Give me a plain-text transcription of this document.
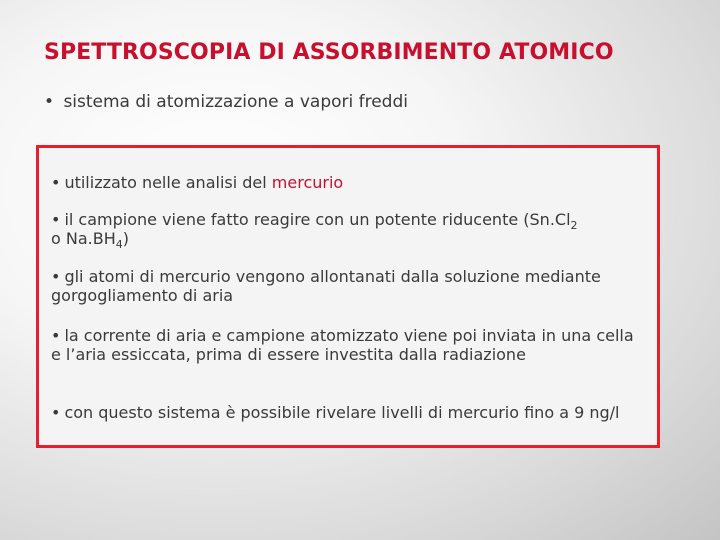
SPETTROSCOPIA DI ASSORBIMENTO ATOMICO
• sistema di atomizzazione a vapori freddi

• utilizzato nelle analisi del mercurio

• il campione viene fatto reagire con un potente riducente ($Sn.Cl_2$
o $Na.BH_4$)

• gli atomi di mercurio vengono allontanati dalla soluzione mediante gorgogliamento di aria

• la corrente di aria e campione atomizzato viene poi inviata in una cella e l’aria essiccata, prima di essere investita dalla radiazione

• con questo sistema è possibile rivelare livelli di mercurio fino a 9 ng/l
